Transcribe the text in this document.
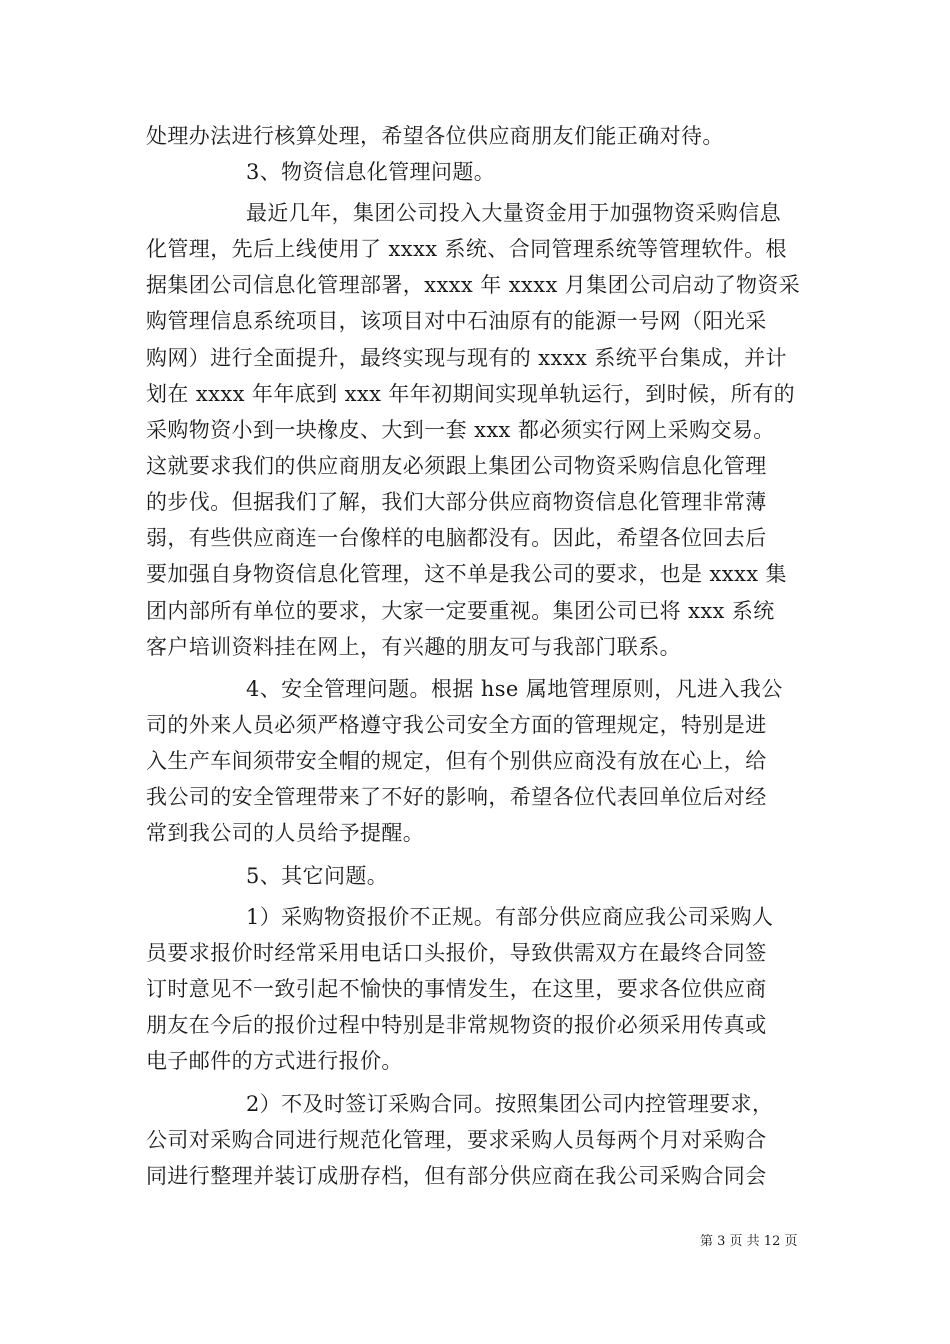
处理办法进行核算处理，希望各位供应商朋友们能正确对待。
3、物资信息化管理问题。
最近几年，集团公司投入大量资金用于加强物资采购信息
化管理，先后上线使用了 xxxx 系统、合同管理系统等管理软件。根
据集团公司信息化管理部署，xxxx 年 xxxx 月集团公司启动了物资采
购管理信息系统项目，该项目对中石油原有的能源一号网（阳光采
购网）进行全面提升，最终实现与现有的 xxxx 系统平台集成，并计
划在 xxxx 年年底到 xxx 年年初期间实现单轨运行，到时候，所有的
采购物资小到一块橡皮、大到一套 xxx 都必须实行网上采购交易。
这就要求我们的供应商朋友必须跟上集团公司物资采购信息化管理
的步伐。但据我们了解，我们大部分供应商物资信息化管理非常薄
弱，有些供应商连一台像样的电脑都没有。因此，希望各位回去后
要加强自身物资信息化管理，这不单是我公司的要求，也是 xxxx 集
团内部所有单位的要求，大家一定要重视。集团公司已将 xxx 系统
客户培训资料挂在网上，有兴趣的朋友可与我部门联系。
4、安全管理问题。根据 hse 属地管理原则，凡进入我公
司的外来人员必须严格遵守我公司安全方面的管理规定，特别是进
入生产车间须带安全帽的规定，但有个别供应商没有放在心上，给
我公司的安全管理带来了不好的影响，希望各位代表回单位后对经
常到我公司的人员给予提醒。
5、其它问题。
1）采购物资报价不正规。有部分供应商应我公司采购人
员要求报价时经常采用电话口头报价，导致供需双方在最终合同签
订时意见不一致引起不愉快的事情发生，在这里，要求各位供应商
朋友在今后的报价过程中特别是非常规物资的报价必须采用传真或
电子邮件的方式进行报价。
2）不及时签订采购合同。按照集团公司内控管理要求，
公司对采购合同进行规范化管理，要求采购人员每两个月对采购合
同进行整理并装订成册存档，但有部分供应商在我公司采购合同会
第 3 页 共 12 页
